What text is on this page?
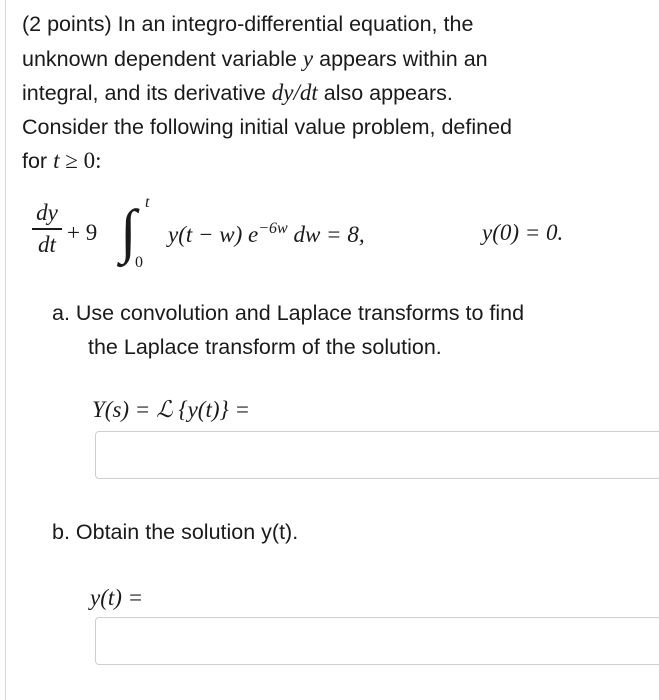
(2 points) In an integro-differential equation, the
unknown dependent variable y appears within an
integral, and its derivative dy/dt also appears.
Consider the following initial value problem, defined
for t ≥ 0:
dy
dt + 9 ∫ t
0
y(t − w) $e^{-6w}$ dw = 8,	y(0) = 0.
a. Use convolution and Laplace transforms to find
the Laplace transform of the solution.
Y(s) = ℒ {y(t)} =
b. Obtain the solution y(t).
y(t) =
